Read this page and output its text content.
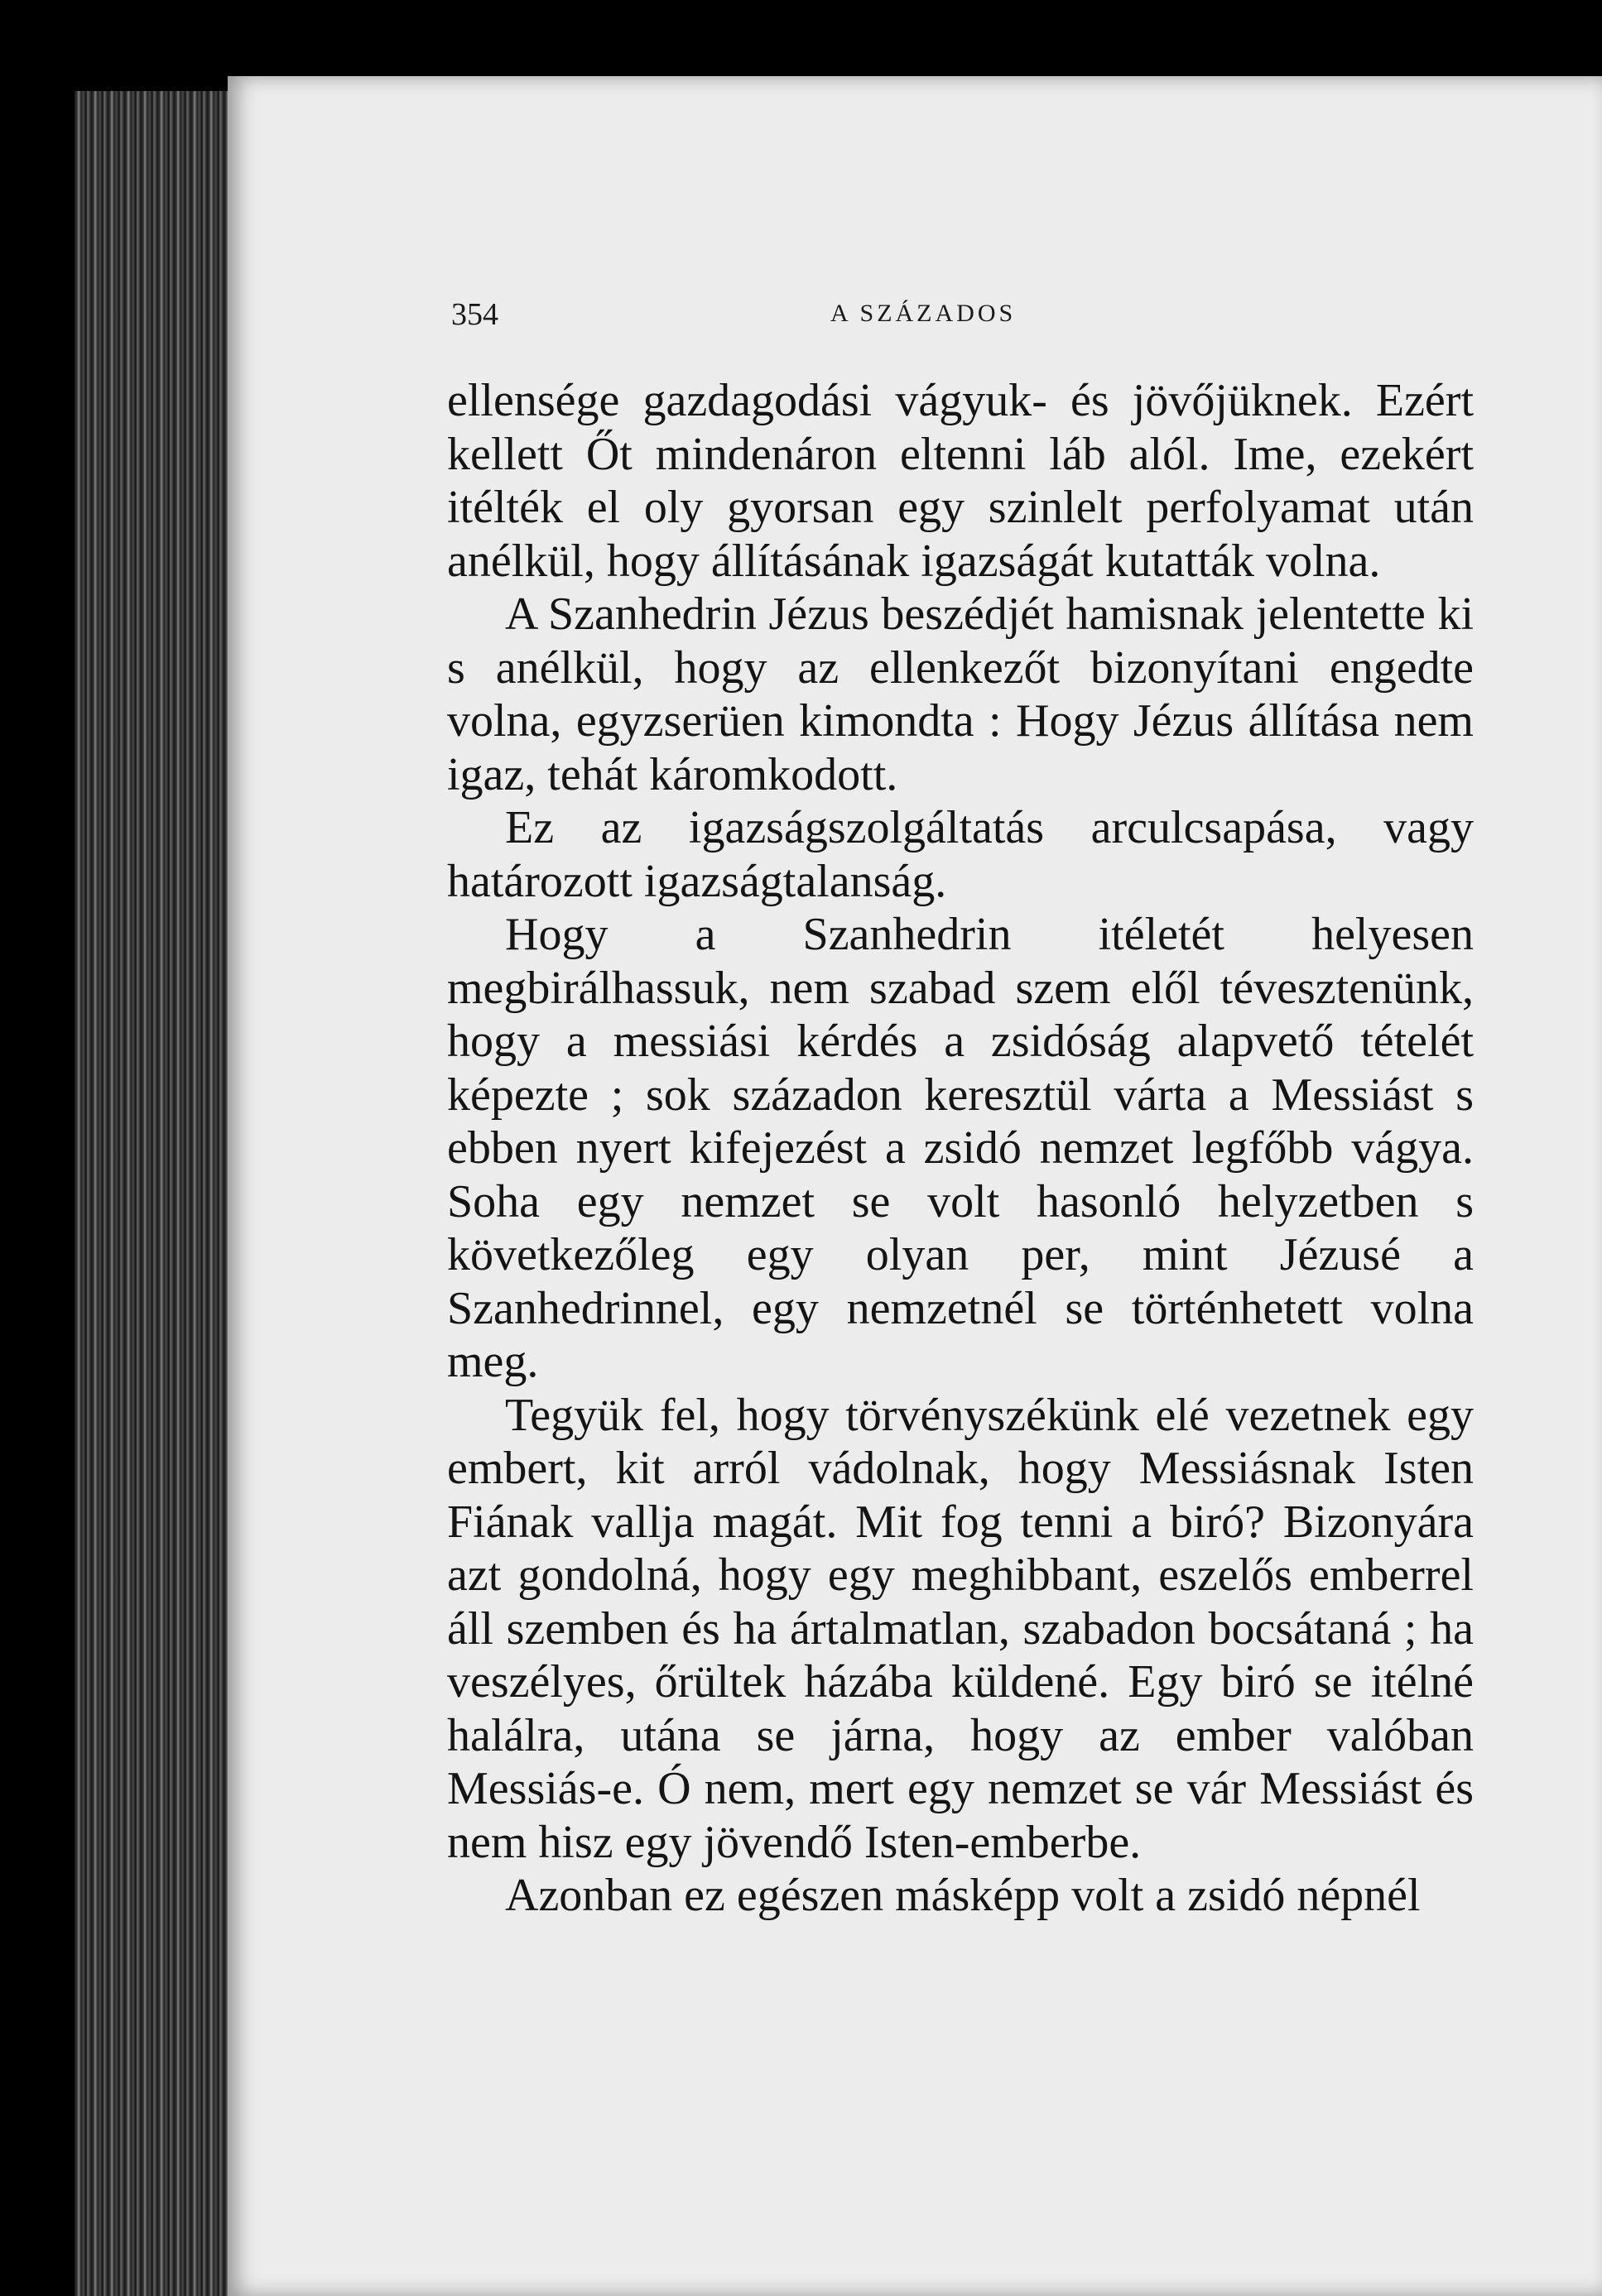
354	A SZÁZADOS

ellensége gazdagodási vágyuk- és jövőjüknek. Ezért kellett Őt mindenáron eltenni láb alól. Ime, ezekért itélték el oly gyorsan egy szinlelt perfolyamat után anélkül, hogy állításának igazságát kutatták volna.

A Szanhedrin Jézus beszédjét hamisnak jelentette ki s anélkül, hogy az ellenkezőt bizonyítani engedte volna, egyzserüen kimondta : Hogy Jézus állítása nem igaz, tehát káromkodott.

Ez az igazságszolgáltatás arculcsapása, vagy határozott igazságtalanság.

Hogy a Szanhedrin itéletét helyesen megbirálhassuk, nem szabad szem elől tévesztenünk, hogy a messiási kérdés a zsidóság alapvető tételét képezte ; sok századon keresztül várta a Messiást s ebben nyert kifejezést a zsidó nemzet legfőbb vágya. Soha egy nemzet se volt hasonló helyzetben s következőleg egy olyan per, mint Jézusé a Szanhedrinnel, egy nemzetnél se történhetett volna meg.

Tegyük fel, hogy törvényszékünk elé vezetnek egy embert, kit arról vádolnak, hogy Messiásnak Isten Fiának vallja magát. Mit fog tenni a biró? Bizonyára azt gondolná, hogy egy meghibbant, eszelős emberrel áll szemben és ha ártalmatlan, szabadon bocsátaná ; ha veszélyes, őrültek házába küldené. Egy biró se itélné halálra, utána se járna, hogy az ember valóban Messiás-e. Ó nem, mert egy nemzet se vár Messiást és nem hisz egy jövendő Isten-emberbe.

Azonban ez egészen másképp volt a zsidó népnél
